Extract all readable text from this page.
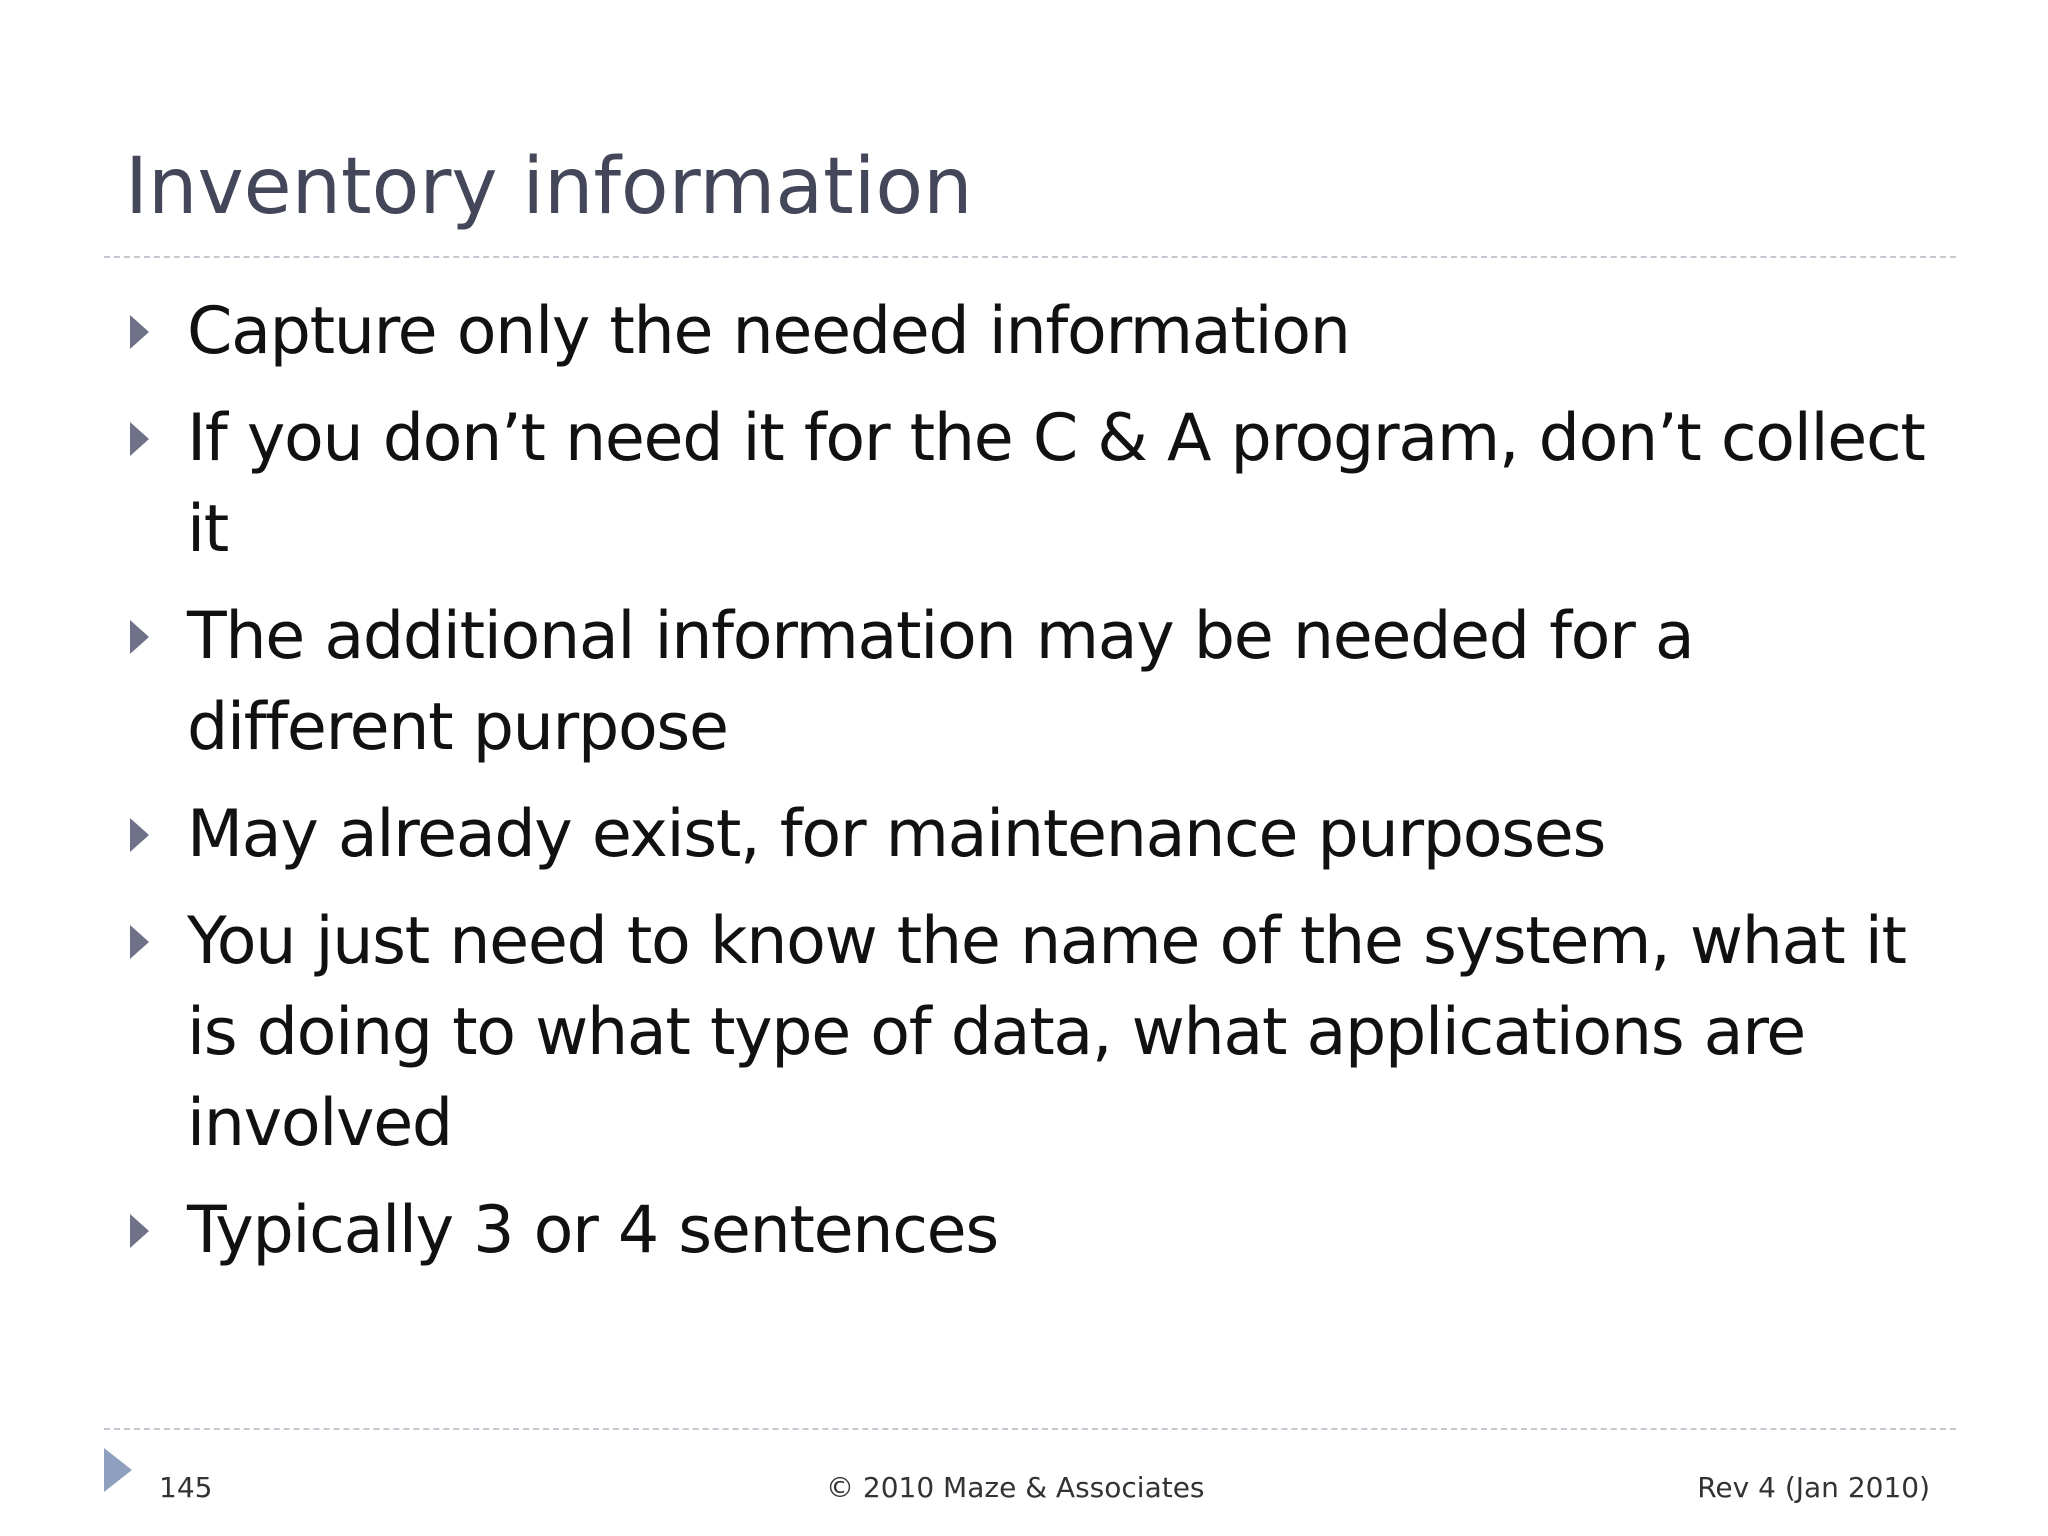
Inventory information
Capture only the needed information
If you don’t need it for the C & A program, don’t collect it
The additional information may be needed for a different purpose
May already exist, for maintenance purposes
You just need to know the name of the system, what it is doing to what type of data, what applications are involved
Typically 3 or 4 sentences
145	© 2010 Maze & Associates	Rev 4 (Jan 2010)
